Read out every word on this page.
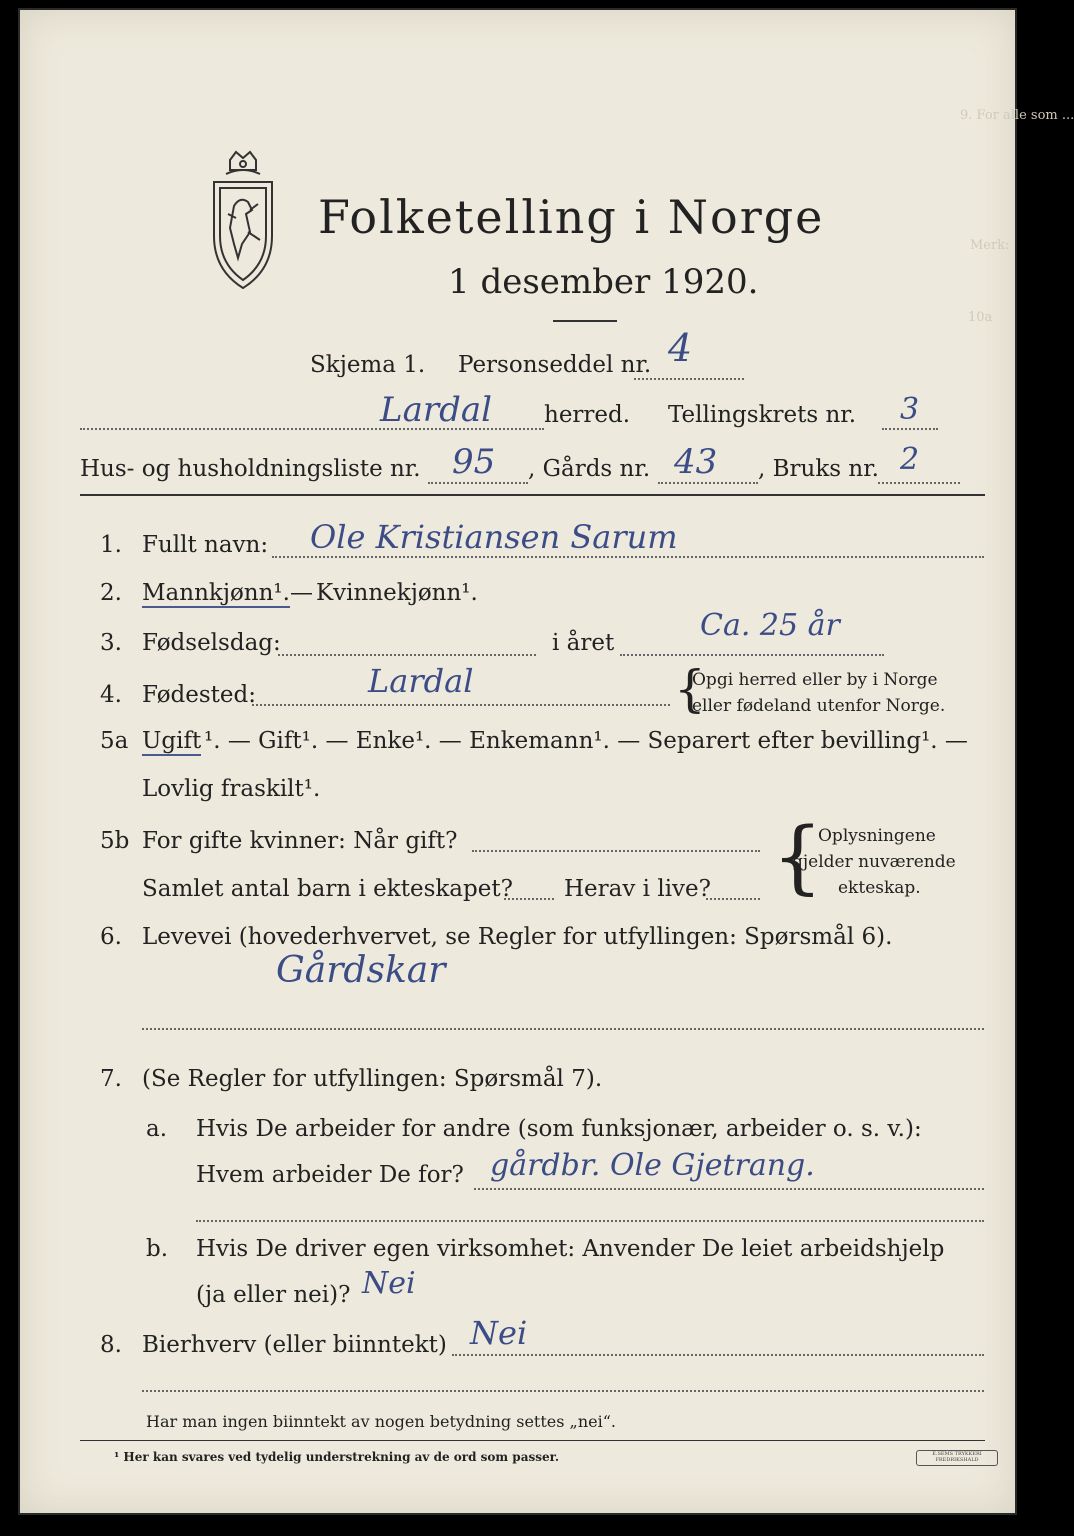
9. For alle som ...
Merk:
10a
Folketelling i Norge
1 desember 1920.
Skjema 1. Personseddel nr. 4
Lardal herred. Tellingskrets nr. 3
Hus- og husholdningsliste nr. 95 , Gårds nr. 43 , Bruks nr. 2
1. Fullt navn: Ole Kristiansen Sarum
2. Mannkjønn¹. — Kvinnekjønn¹.
3. Fødselsdag:	i året	Ca. 25 år
4. Fødested:	Lardal	{
Opgi herred eller by i Norge
eller fødeland utenfor Norge.
5a Ugift ¹. — Gift¹. — Enke¹. — Enkemann¹. — Separert efter bevilling¹. —
Lovlig fraskilt¹.
5b For gifte kvinner: Når gift?
Samlet antal barn i ekteskapet? Herav i live? {
Oplysningene
gjelder nuværende
ekteskap.
6. Levevei (hovederhvervet, se Regler for utfyllingen: Spørsmål 6).
Gårdskar
7. (Se Regler for utfyllingen: Spørsmål 7).
a. Hvis De arbeider for andre (som funksjonær, arbeider o. s. v.):
Hvem arbeider De for? gårdbr. Ole Gjetrang.
b. Hvis De driver egen virksomhet: Anvender De leiet arbeidshjelp
(ja eller nei)? Nei
8. Bierhverv (eller biinntekt) Nei
Har man ingen biinntekt av nogen betydning settes „nei“.
¹ Her kan svares ved tydelig understrekning av de ord som passer.	E.SEMS TRYKKERI FREDRIKSHALD
